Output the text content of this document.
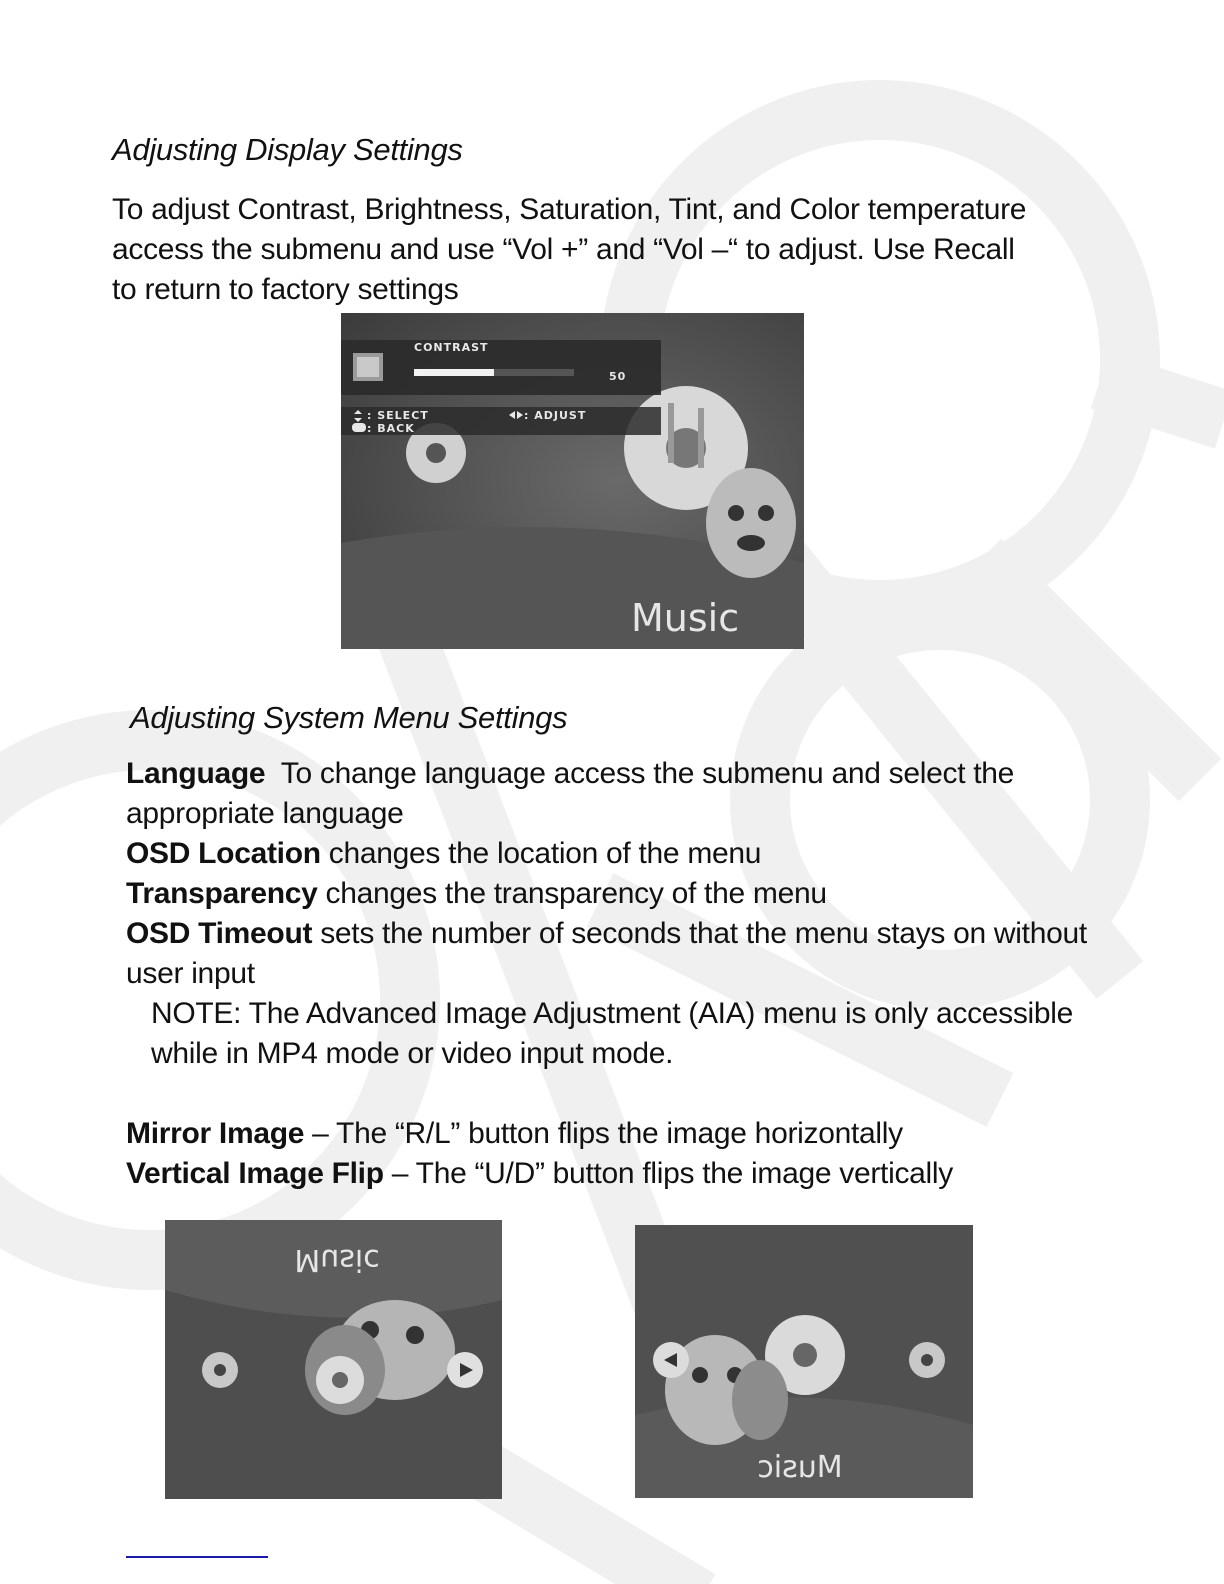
Adjusting Display Settings
To adjust Contrast, Brightness, Saturation, Tint, and Color temperature
access the submenu and use “Vol +” and “Vol –“ to adjust. Use Recall
to return to factory settings
CONTRAST
50
: SELECT
: BACK
: ADJUST
Music
Adjusting System Menu Settings
Language  To change language access the submenu and select the
appropriate language
OSD Location changes the location of the menu
Transparency changes the transparency of the menu
OSD Timeout sets the number of seconds that the menu stays on without
user input
NOTE: The Advanced Image Adjustment (AIA) menu is only accessible
while in MP4 mode or video input mode.
Mirror Image – The “R/L” button flips the image horizontally
Vertical Image Flip – The “U/D” button flips the image vertically
Music
Music
